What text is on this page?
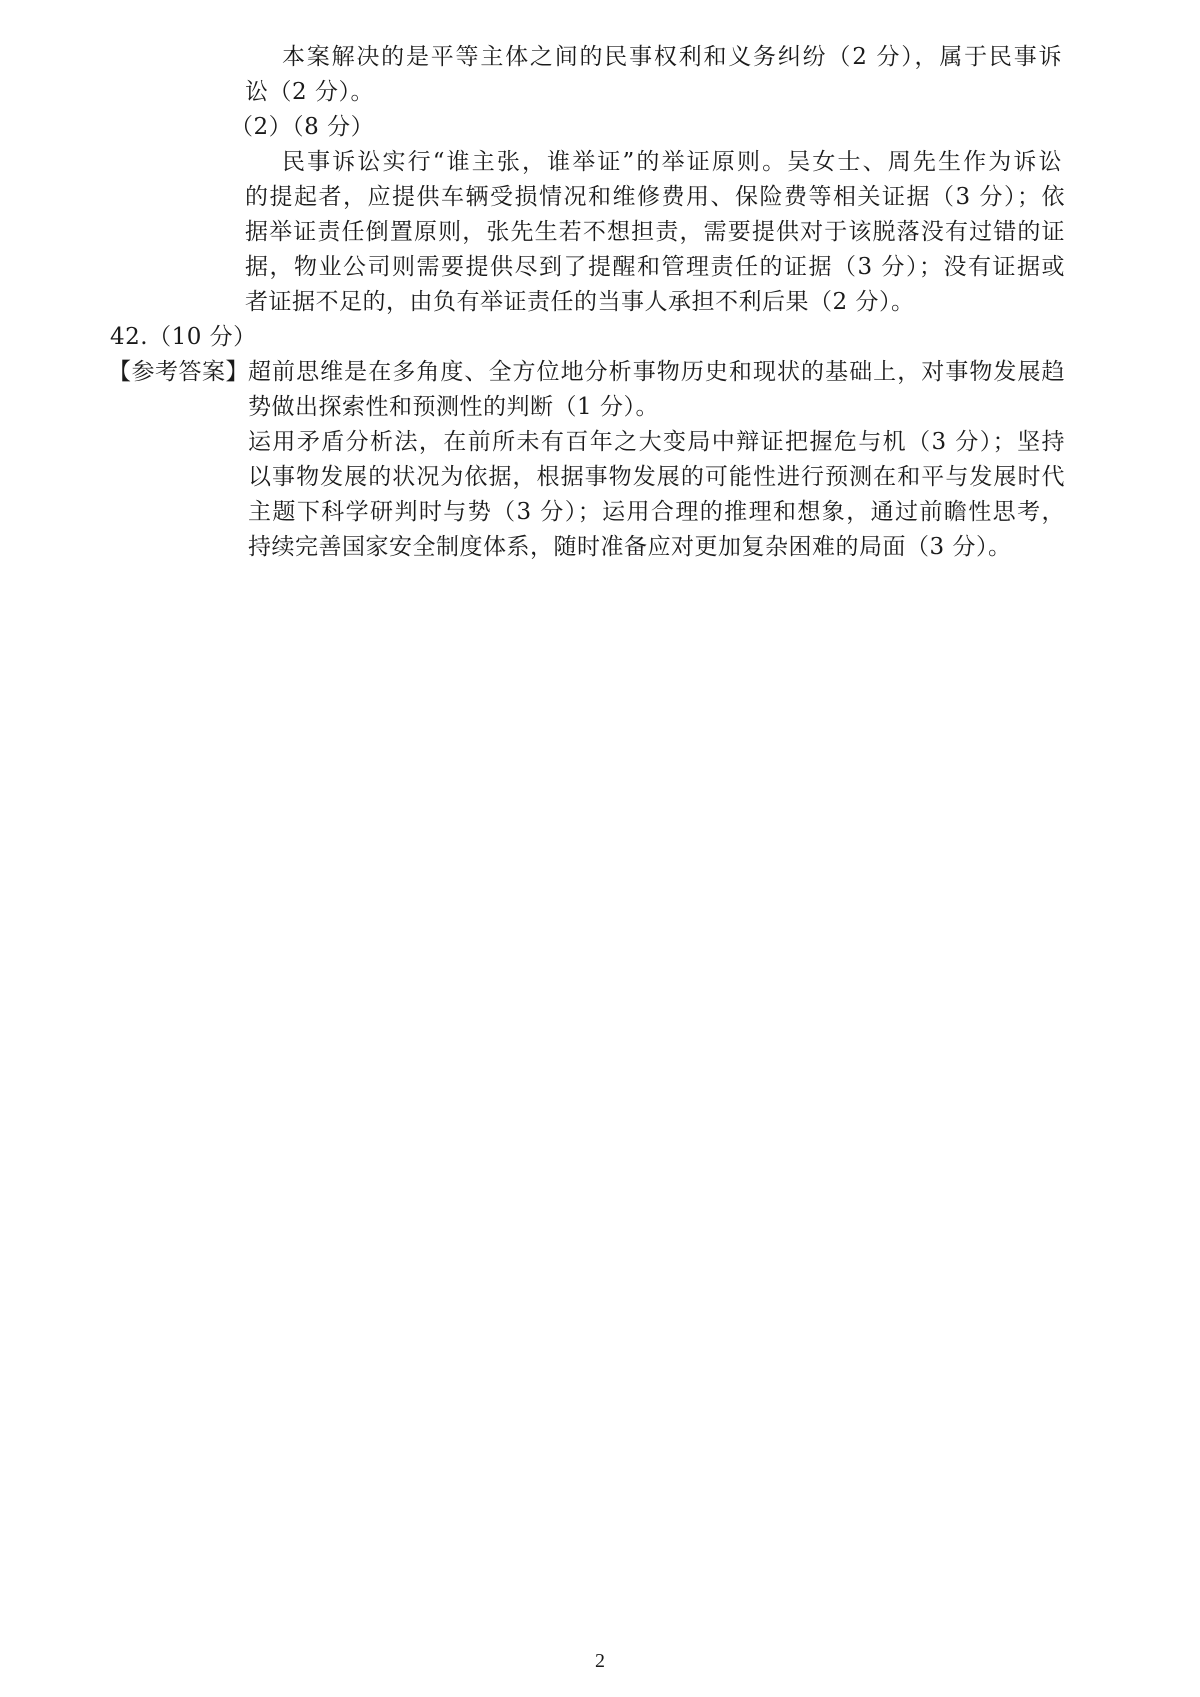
本案解决的是平等主体之间的民事权利和义务纠纷（2 分），属于民事诉
讼（2 分）。
（2）（8 分）
民事诉讼实行“谁主张，谁举证”的举证原则。吴女士、周先生作为诉讼
的提起者，应提供车辆受损情况和维修费用、保险费等相关证据（3 分）；依
据举证责任倒置原则，张先生若不想担责，需要提供对于该脱落没有过错的证
据，物业公司则需要提供尽到了提醒和管理责任的证据（3 分）；没有证据或
者证据不足的，由负有举证责任的当事人承担不利后果（2 分）。
42.（10 分）
【参考答案】 超前思维是在多角度、全方位地分析事物历史和现状的基础上，对事物发展趋
势做出探索性和预测性的判断（1 分）。
运用矛盾分析法，在前所未有百年之大变局中辩证把握危与机（3 分）；坚持
以事物发展的状况为依据，根据事物发展的可能性进行预测在和平与发展时代
主题下科学研判时与势（3 分）；运用合理的推理和想象，通过前瞻性思考，
持续完善国家安全制度体系，随时准备应对更加复杂困难的局面（3 分）。
2
